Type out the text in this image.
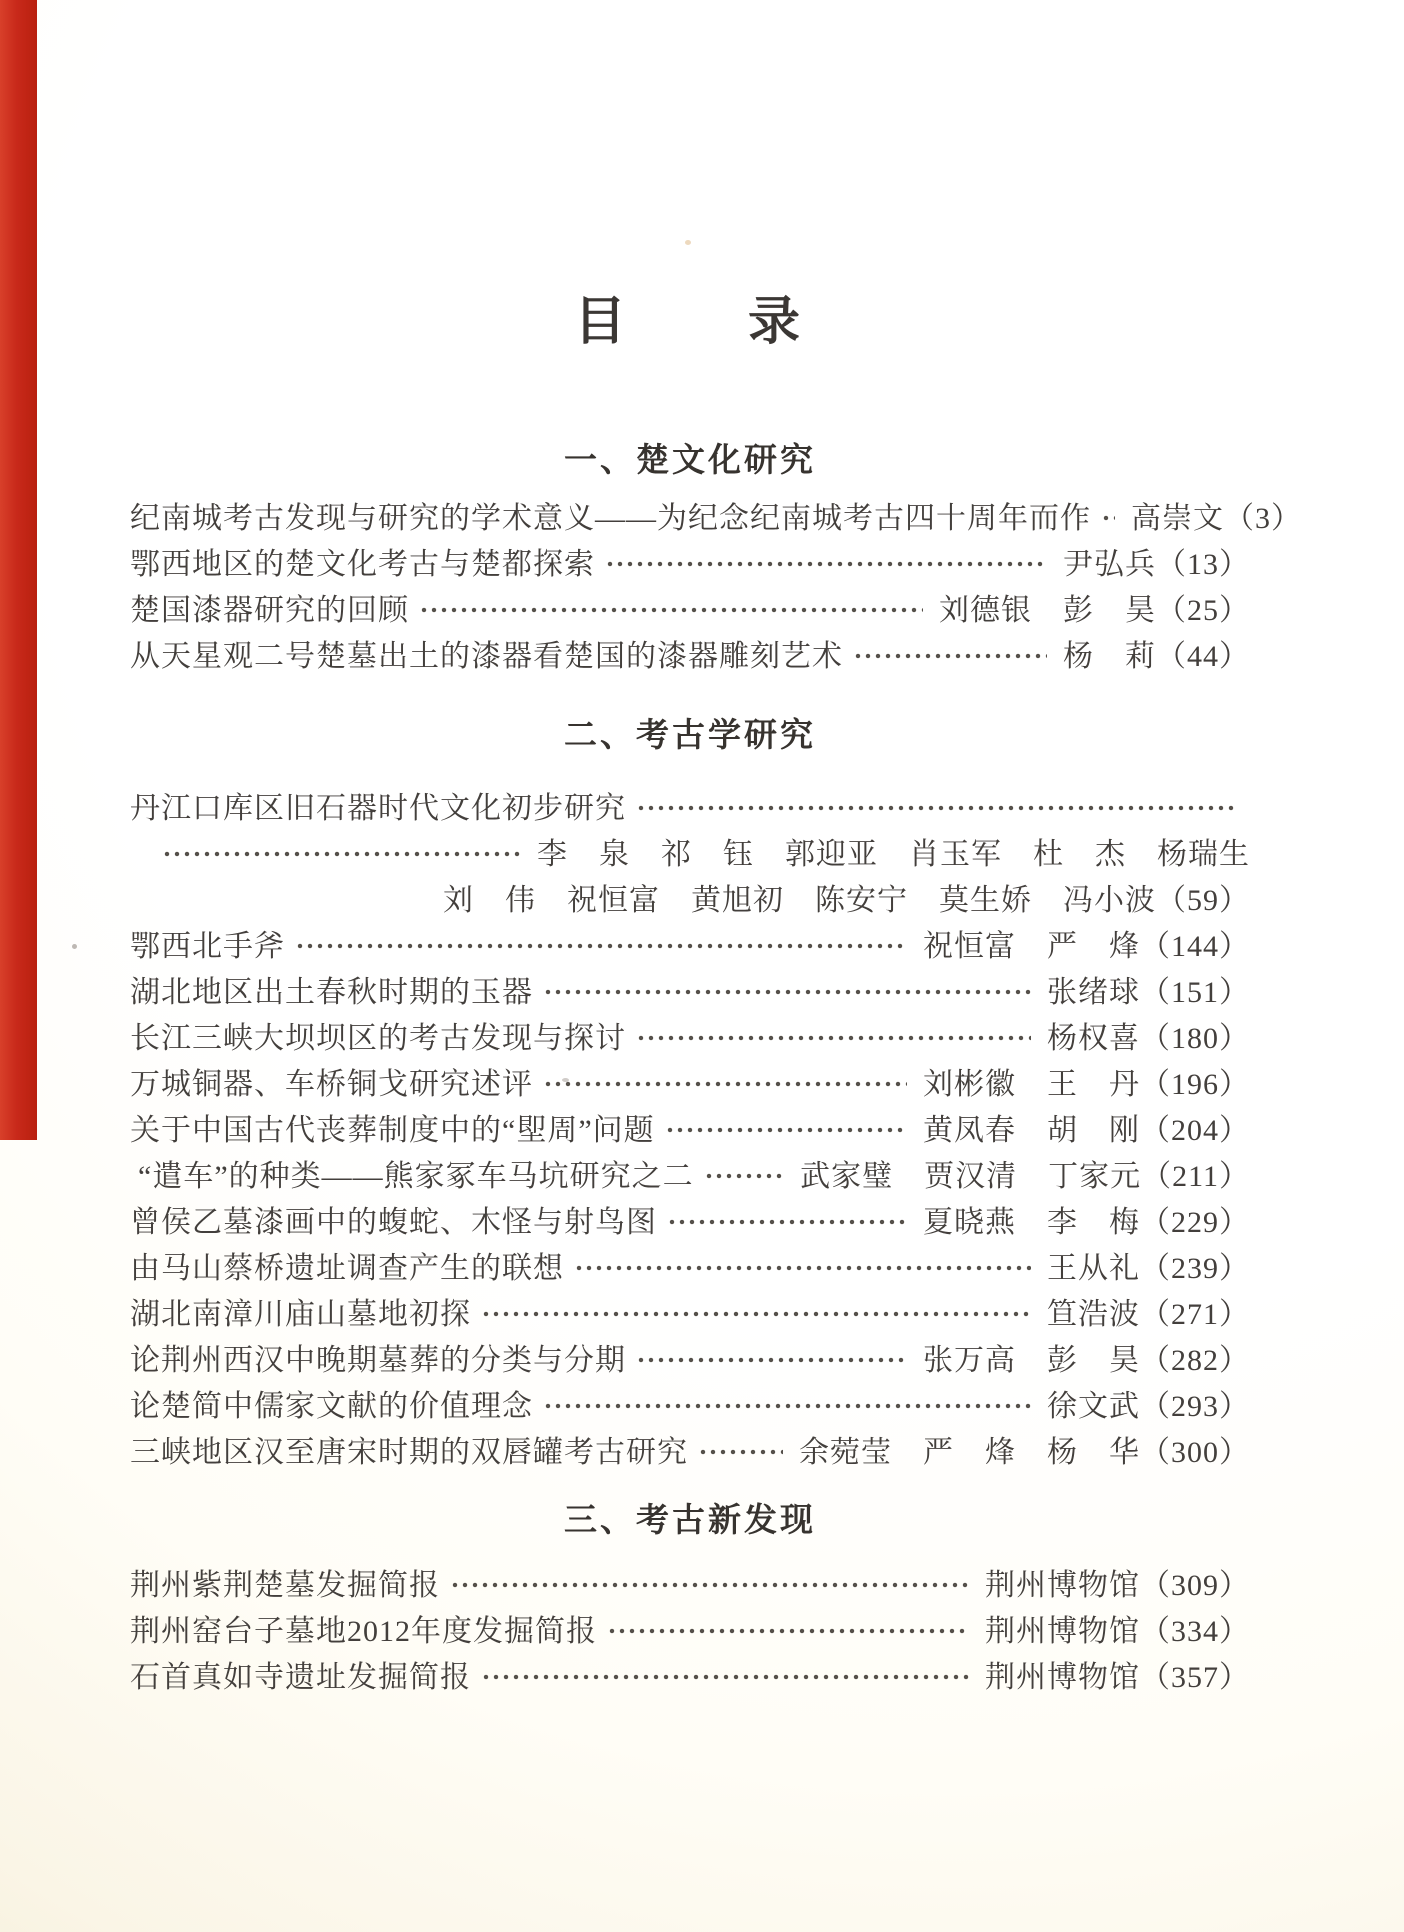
目　　录
一、楚文化研究
纪南城考古发现与研究的学术意义——为纪念纪南城考古四十周年而作 高崇文（3）
鄂西地区的楚文化考古与楚都探索	尹弘兵（13）
楚国漆器研究的回顾	刘德银　彭　昊（25）
从天星观二号楚墓出土的漆器看楚国的漆器雕刻艺术	杨　莉（44）
二、考古学研究
丹江口库区旧石器时代文化初步研究
李　泉　祁　钰　郭迎亚　肖玉军　杜　杰　杨瑞生
刘　伟　祝恒富　黄旭初　陈安宁　莫生娇　冯小波（59）
鄂西北手斧	祝恒富　严　烽（144）
湖北地区出土春秋时期的玉器	张绪球（151）
长江三峡大坝坝区的考古发现与探讨	杨权喜（180）
万城铜器、车桥铜戈研究述评	刘彬徽　王　丹（196）
关于中国古代丧葬制度中的“堲周”问题	黄凤春　胡　刚（204）
“遣车”的种类——熊家冢车马坑研究之二	武家璧　贾汉清　丁家元（211）
曾侯乙墓漆画中的蝮蛇、木怪与射鸟图	夏晓燕　李　梅（229）
由马山蔡桥遗址调查产生的联想	王从礼（239）
湖北南漳川庙山墓地初探	笪浩波（271）
论荆州西汉中晚期墓葬的分类与分期	张万高　彭　昊（282）
论楚简中儒家文献的价值理念	徐文武（293）
三峡地区汉至唐宋时期的双唇罐考古研究	余菀莹　严　烽　杨　华（300）
三、考古新发现
荆州紫荆楚墓发掘简报	荆州博物馆（309）
荆州窑台子墓地2012年度发掘简报	荆州博物馆（334）
石首真如寺遗址发掘简报	荆州博物馆（357）
